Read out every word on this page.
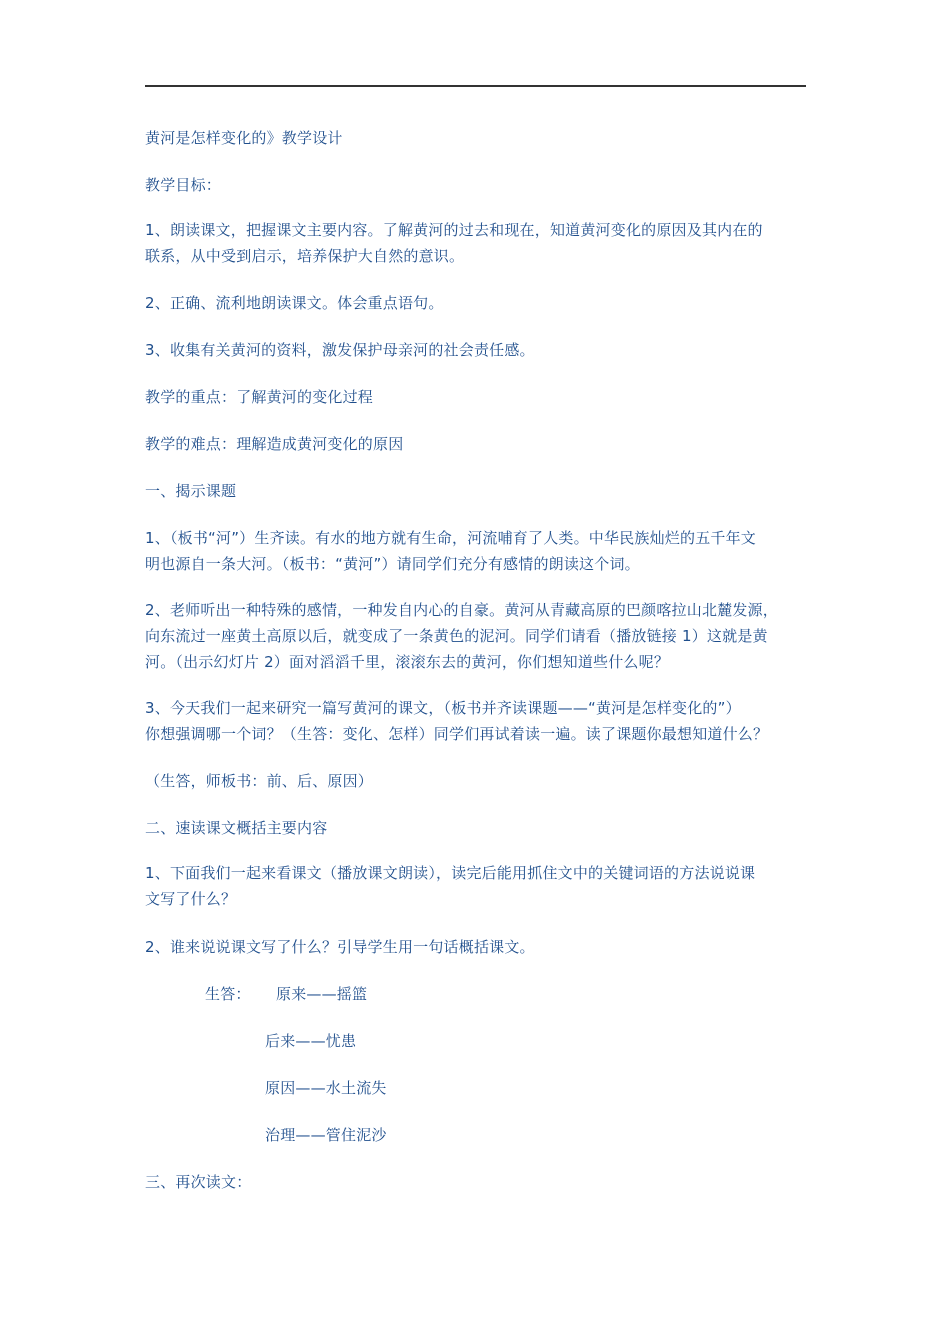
黄河是怎样变化的》教学设计
教学目标：
1、朗读课文，把握课文主要内容。了解黄河的过去和现在，知道黄河变化的原因及其内在的
联系，从中受到启示，培养保护大自然的意识。
2、正确、流利地朗读课文。体会重点语句。
3、收集有关黄河的资料，激发保护母亲河的社会责任感。
教学的重点：了解黄河的变化过程
教学的难点：理解造成黄河变化的原因
一、揭示课题
1、（板书“河”）生齐读。有水的地方就有生命，河流哺育了人类。中华民族灿烂的五千年文
明也源自一条大河。（板书：“黄河”）请同学们充分有感情的朗读这个词。
2、老师听出一种特殊的感情，一种发自内心的自豪。黄河从青藏高原的巴颜喀拉山北麓发源，
向东流过一座黄土高原以后，就变成了一条黄色的泥河。同学们请看（播放链接 1）这就是黄
河。（出示幻灯片 2）面对滔滔千里，滚滚东去的黄河，你们想知道些什么呢？
3、今天我们一起来研究一篇写黄河的课文，（板书并齐读课题——“黄河是怎样变化的”）
你想强调哪一个词？（生答：变化、怎样）同学们再试着读一遍。读了课题你最想知道什么？
（生答，师板书：前、后、原因）
二、速读课文概括主要内容
1、下面我们一起来看课文（播放课文朗读），读完后能用抓住文中的关键词语的方法说说课
文写了什么？
2、谁来说说课文写了什么？引导学生用一句话概括课文。
生答： 原来——摇篮
后来——忧患
原因——水土流失
治理——管住泥沙
三、再次读文：
